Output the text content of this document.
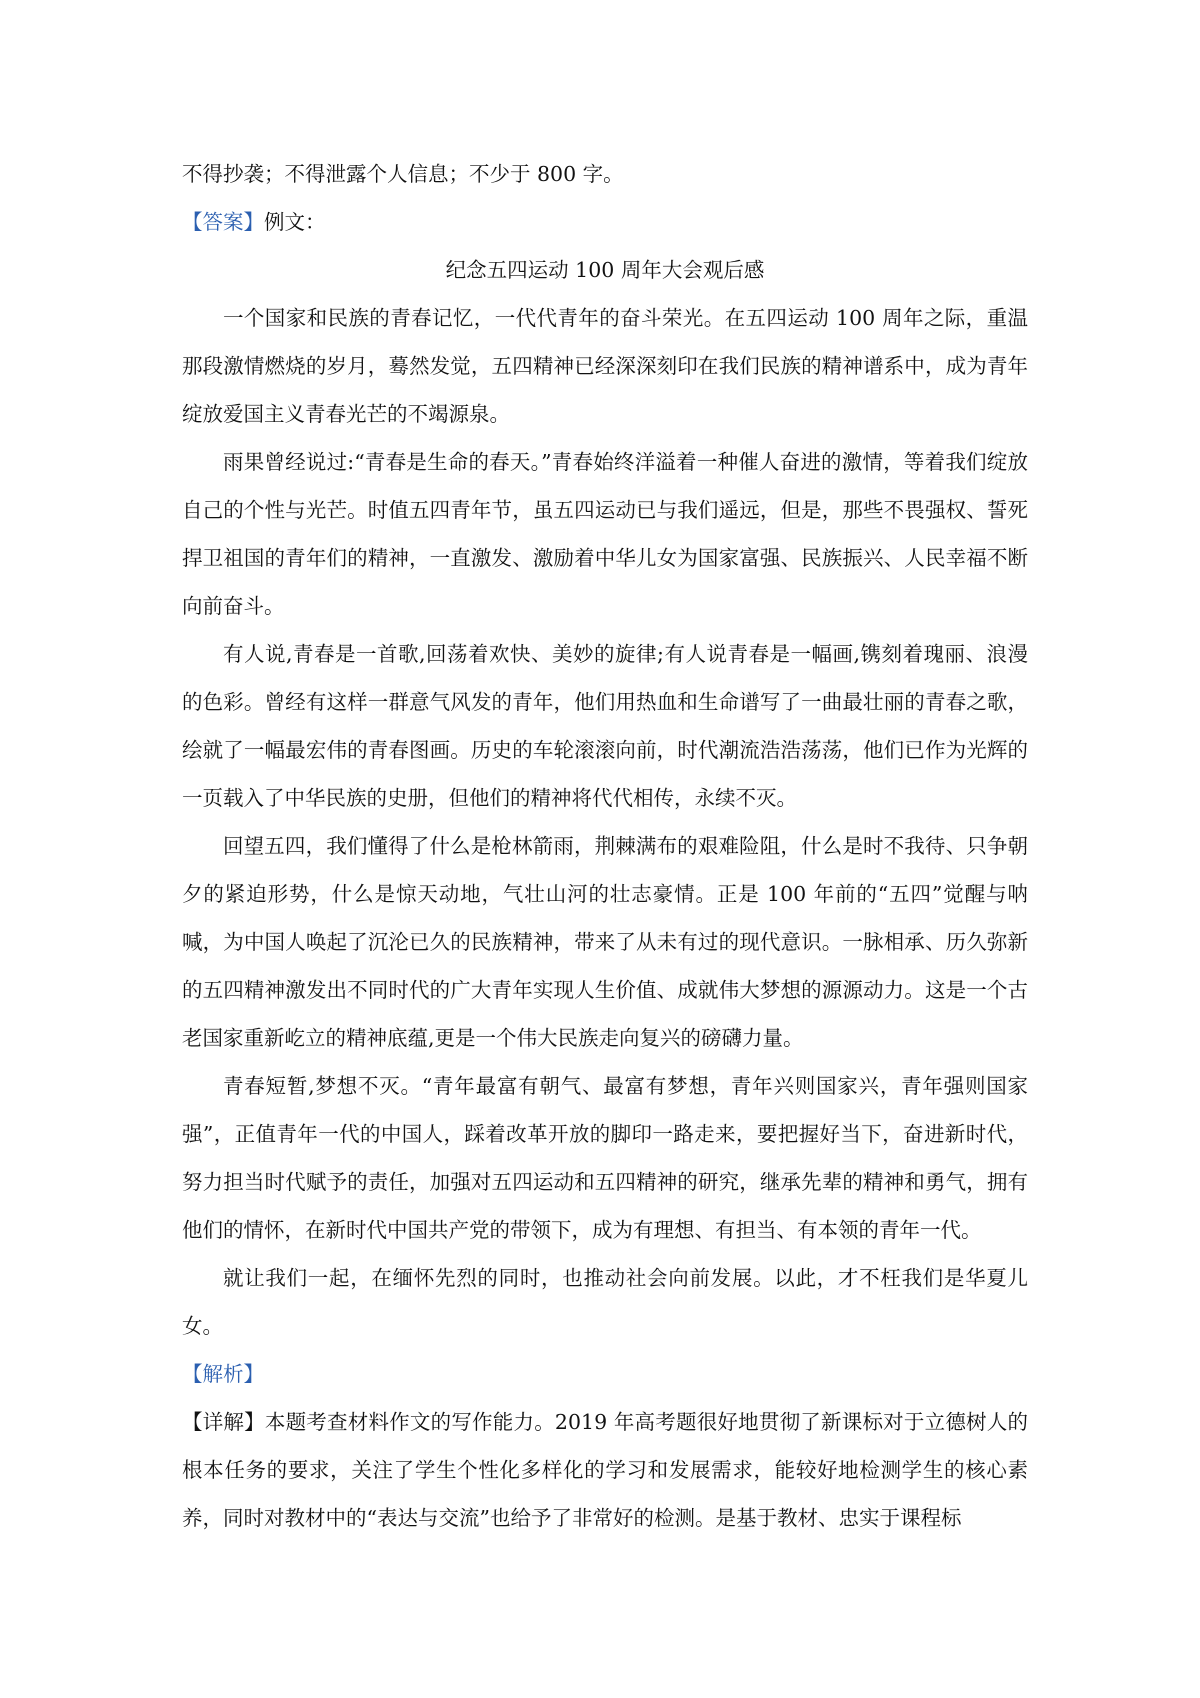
不得抄袭；不得泄露个人信息；不少于 800 字。

【答案】例文：

纪念五四运动 100 周年大会观后感

一个国家和民族的青春记忆，一代代青年的奋斗荣光。在五四运动 100 周年之际，重温那段激情燃烧的岁月，蓦然发觉，五四精神已经深深刻印在我们民族的精神谱系中，成为青年绽放爱国主义青春光芒的不竭源泉。

雨果曾经说过:“青春是生命的春天。”青春始终洋溢着一种催人奋进的激情，等着我们绽放自己的个性与光芒。时值五四青年节，虽五四运动已与我们遥远，但是，那些不畏强权、誓死捍卫祖国的青年们的精神，一直激发、激励着中华儿女为国家富强、民族振兴、人民幸福不断向前奋斗。

有人说,青春是一首歌,回荡着欢快、美妙的旋律;有人说青春是一幅画,镌刻着瑰丽、浪漫的色彩。曾经有这样一群意气风发的青年，他们用热血和生命谱写了一曲最壮丽的青春之歌，绘就了一幅最宏伟的青春图画。历史的车轮滚滚向前，时代潮流浩浩荡荡，他们已作为光辉的一页载入了中华民族的史册，但他们的精神将代代相传，永续不灭。

回望五四，我们懂得了什么是枪林箭雨，荆棘满布的艰难险阻，什么是时不我待、只争朝夕的紧迫形势，什么是惊天动地，气壮山河的壮志豪情。正是 100 年前的“五四”觉醒与呐喊，为中国人唤起了沉沦已久的民族精神，带来了从未有过的现代意识。一脉相承、历久弥新的五四精神激发出不同时代的广大青年实现人生价值、成就伟大梦想的源源动力。这是一个古老国家重新屹立的精神底蕴,更是一个伟大民族走向复兴的磅礴力量。

青春短暂,梦想不灭。“青年最富有朝气、最富有梦想，青年兴则国家兴，青年强则国家强”，正值青年一代的中国人，踩着改革开放的脚印一路走来，要把握好当下，奋进新时代，努力担当时代赋予的责任，加强对五四运动和五四精神的研究，继承先辈的精神和勇气，拥有他们的情怀，在新时代中国共产党的带领下，成为有理想、有担当、有本领的青年一代。

就让我们一起，在缅怀先烈的同时，也推动社会向前发展。以此，才不枉我们是华夏儿女。

【解析】

【详解】本题考查材料作文的写作能力。2019 年高考题很好地贯彻了新课标对于立德树人的根本任务的要求，关注了学生个性化多样化的学习和发展需求，能较好地检测学生的核心素养，同时对教材中的“表达与交流”也给予了非常好的检测。是基于教材、忠实于课程标
